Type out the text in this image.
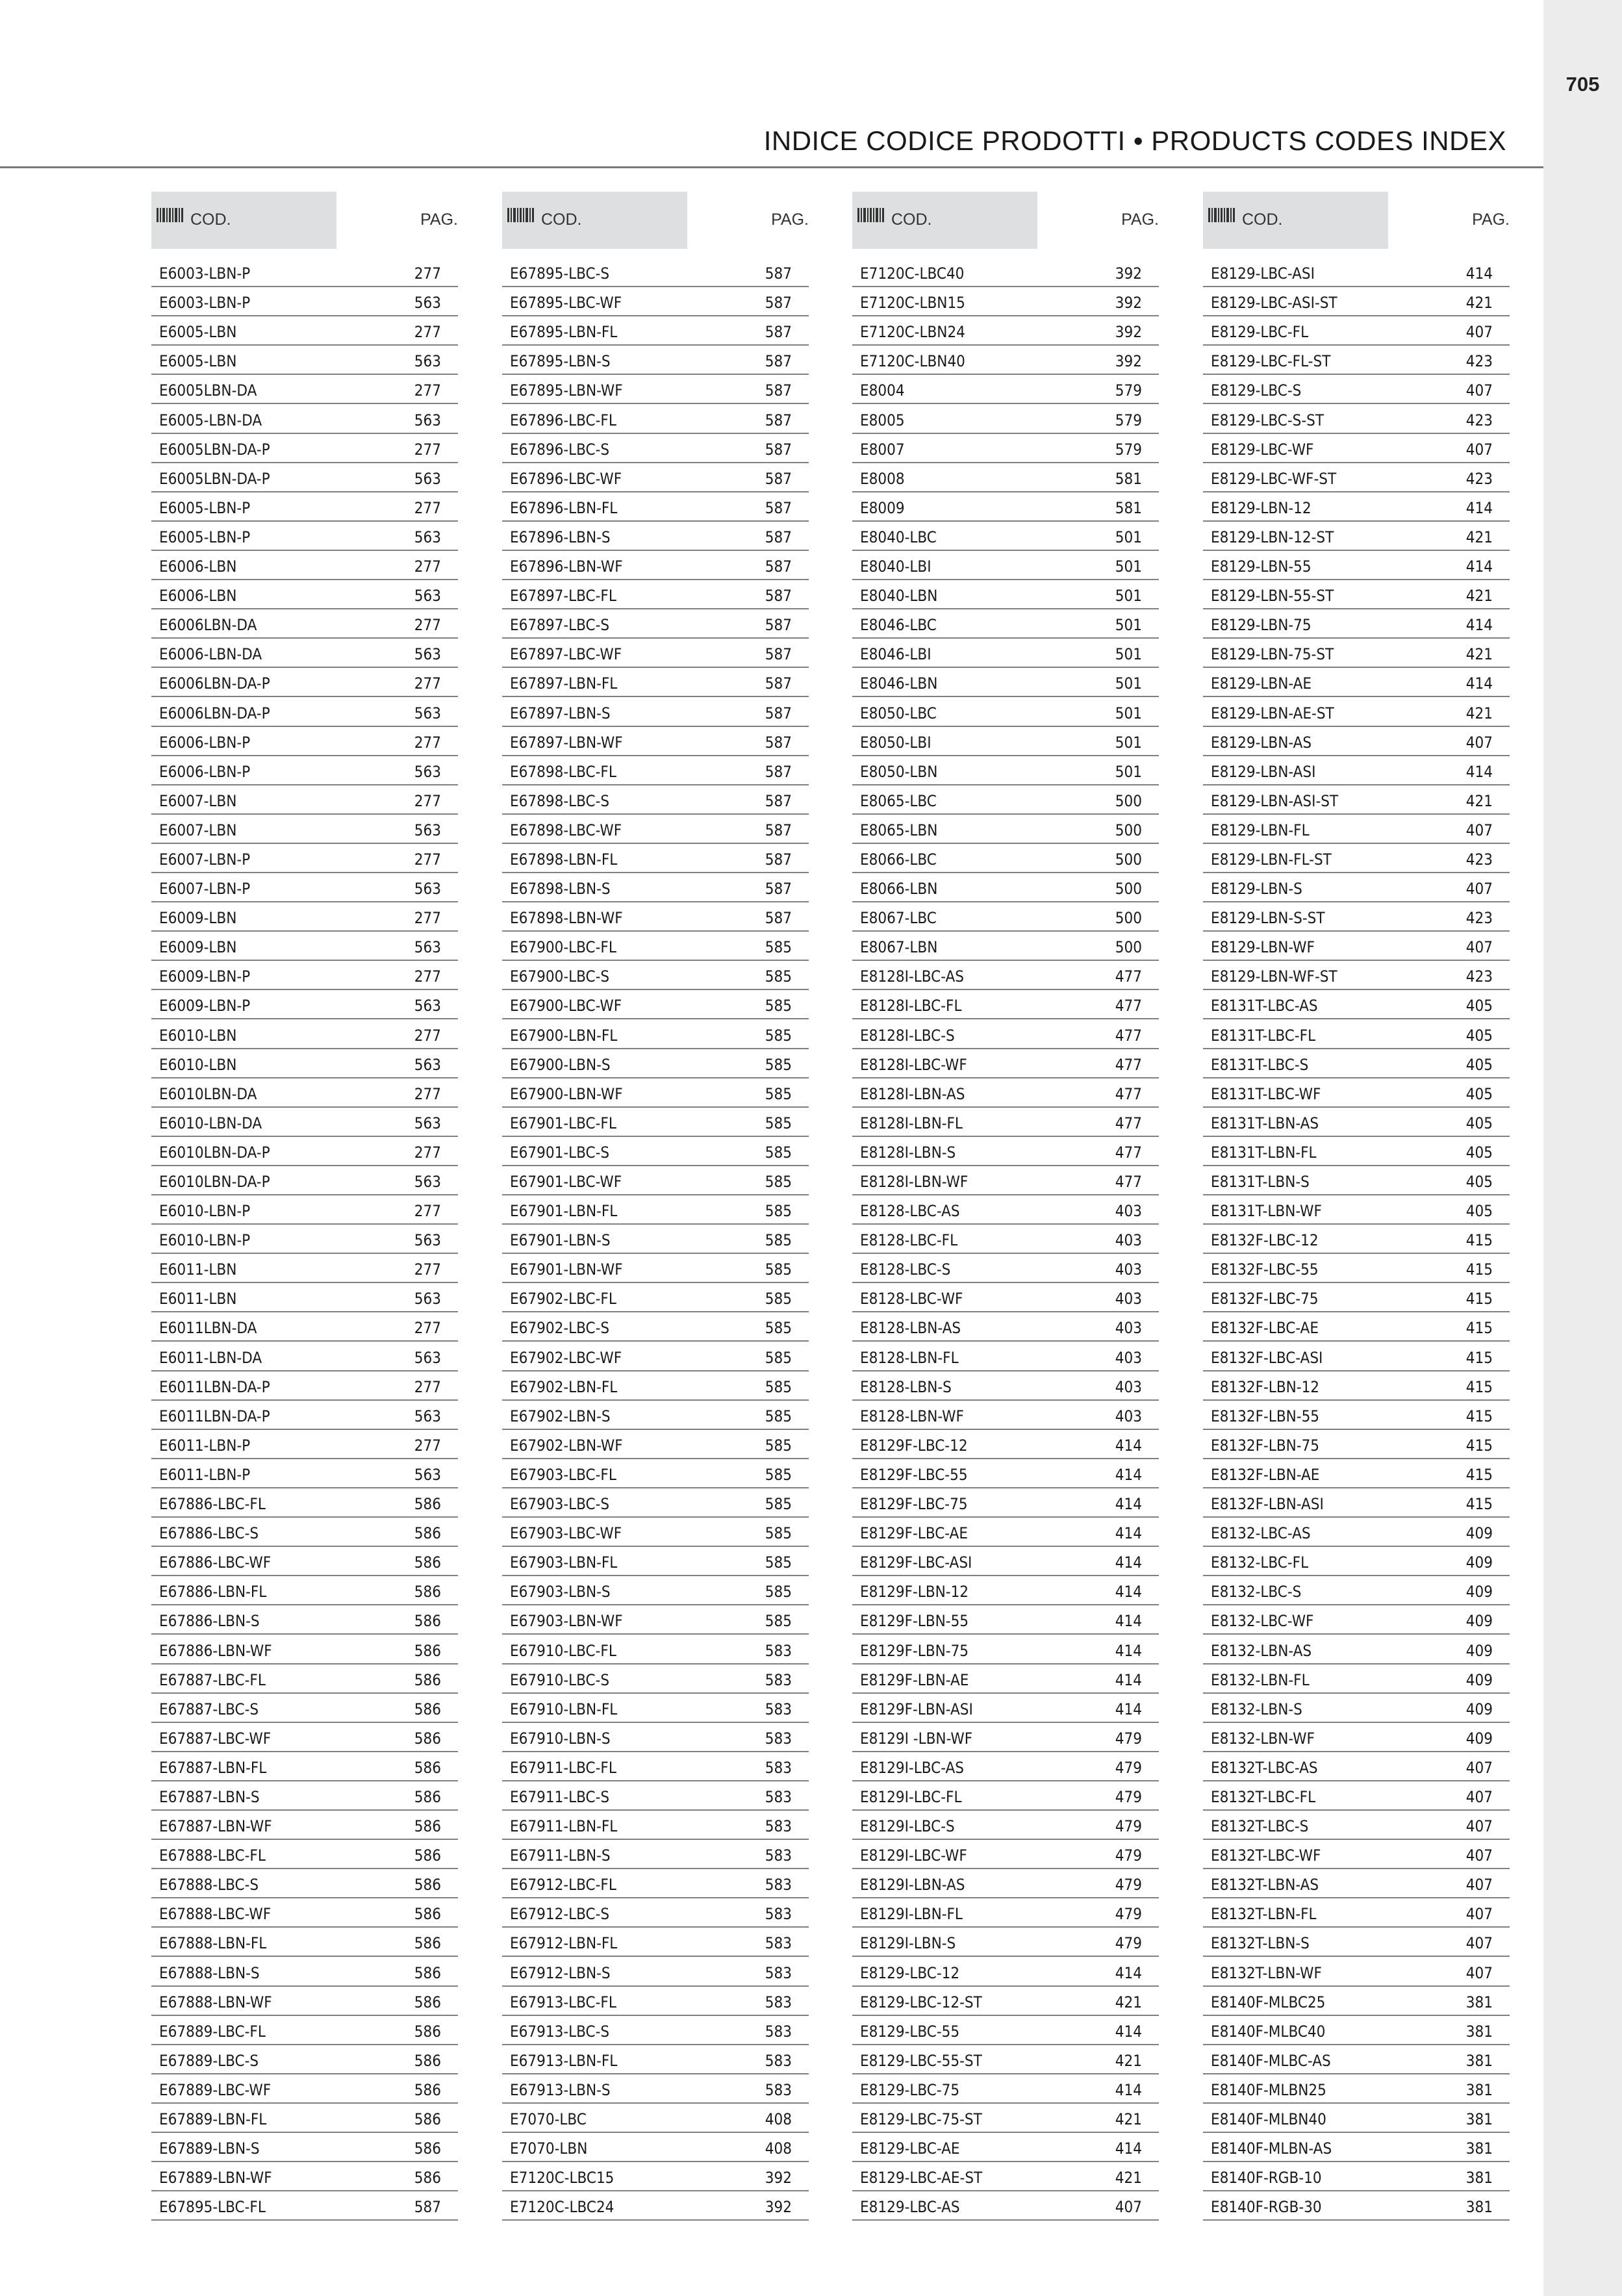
705
INDICE CODICE PRODOTTI • PRODUCTS CODES INDEX
COD.	PAG.
E6003-LBN-P	277
E6003-LBN-P	563
E6005-LBN	277
E6005-LBN	563
E6005LBN-DA	277
E6005-LBN-DA	563
E6005LBN-DA-P	277
E6005LBN-DA-P	563
E6005-LBN-P	277
E6005-LBN-P	563
E6006-LBN	277
E6006-LBN	563
E6006LBN-DA	277
E6006-LBN-DA	563
E6006LBN-DA-P	277
E6006LBN-DA-P	563
E6006-LBN-P	277
E6006-LBN-P	563
E6007-LBN	277
E6007-LBN	563
E6007-LBN-P	277
E6007-LBN-P	563
E6009-LBN	277
E6009-LBN	563
E6009-LBN-P	277
E6009-LBN-P	563
E6010-LBN	277
E6010-LBN	563
E6010LBN-DA	277
E6010-LBN-DA	563
E6010LBN-DA-P	277
E6010LBN-DA-P	563
E6010-LBN-P	277
E6010-LBN-P	563
E6011-LBN	277
E6011-LBN	563
E6011LBN-DA	277
E6011-LBN-DA	563
E6011LBN-DA-P	277
E6011LBN-DA-P	563
E6011-LBN-P	277
E6011-LBN-P	563
E67886-LBC-FL	586
E67886-LBC-S	586
E67886-LBC-WF	586
E67886-LBN-FL	586
E67886-LBN-S	586
E67886-LBN-WF	586
E67887-LBC-FL	586
E67887-LBC-S	586
E67887-LBC-WF	586
E67887-LBN-FL	586
E67887-LBN-S	586
E67887-LBN-WF	586
E67888-LBC-FL	586
E67888-LBC-S	586
E67888-LBC-WF	586
E67888-LBN-FL	586
E67888-LBN-S	586
E67888-LBN-WF	586
E67889-LBC-FL	586
E67889-LBC-S	586
E67889-LBC-WF	586
E67889-LBN-FL	586
E67889-LBN-S	586
E67889-LBN-WF	586
E67895-LBC-FL	587
COD.	PAG.
E67895-LBC-S	587
E67895-LBC-WF	587
E67895-LBN-FL	587
E67895-LBN-S	587
E67895-LBN-WF	587
E67896-LBC-FL	587
E67896-LBC-S	587
E67896-LBC-WF	587
E67896-LBN-FL	587
E67896-LBN-S	587
E67896-LBN-WF	587
E67897-LBC-FL	587
E67897-LBC-S	587
E67897-LBC-WF	587
E67897-LBN-FL	587
E67897-LBN-S	587
E67897-LBN-WF	587
E67898-LBC-FL	587
E67898-LBC-S	587
E67898-LBC-WF	587
E67898-LBN-FL	587
E67898-LBN-S	587
E67898-LBN-WF	587
E67900-LBC-FL	585
E67900-LBC-S	585
E67900-LBC-WF	585
E67900-LBN-FL	585
E67900-LBN-S	585
E67900-LBN-WF	585
E67901-LBC-FL	585
E67901-LBC-S	585
E67901-LBC-WF	585
E67901-LBN-FL	585
E67901-LBN-S	585
E67901-LBN-WF	585
E67902-LBC-FL	585
E67902-LBC-S	585
E67902-LBC-WF	585
E67902-LBN-FL	585
E67902-LBN-S	585
E67902-LBN-WF	585
E67903-LBC-FL	585
E67903-LBC-S	585
E67903-LBC-WF	585
E67903-LBN-FL	585
E67903-LBN-S	585
E67903-LBN-WF	585
E67910-LBC-FL	583
E67910-LBC-S	583
E67910-LBN-FL	583
E67910-LBN-S	583
E67911-LBC-FL	583
E67911-LBC-S	583
E67911-LBN-FL	583
E67911-LBN-S	583
E67912-LBC-FL	583
E67912-LBC-S	583
E67912-LBN-FL	583
E67912-LBN-S	583
E67913-LBC-FL	583
E67913-LBC-S	583
E67913-LBN-FL	583
E67913-LBN-S	583
E7070-LBC	408
E7070-LBN	408
E7120C-LBC15	392
E7120C-LBC24	392
COD.	PAG.
E7120C-LBC40	392
E7120C-LBN15	392
E7120C-LBN24	392
E7120C-LBN40	392
E8004	579
E8005	579
E8007	579
E8008	581
E8009	581
E8040-LBC	501
E8040-LBI	501
E8040-LBN	501
E8046-LBC	501
E8046-LBI	501
E8046-LBN	501
E8050-LBC	501
E8050-LBI	501
E8050-LBN	501
E8065-LBC	500
E8065-LBN	500
E8066-LBC	500
E8066-LBN	500
E8067-LBC	500
E8067-LBN	500
E8128I-LBC-AS	477
E8128I-LBC-FL	477
E8128I-LBC-S	477
E8128I-LBC-WF	477
E8128I-LBN-AS	477
E8128I-LBN-FL	477
E8128I-LBN-S	477
E8128I-LBN-WF	477
E8128-LBC-AS	403
E8128-LBC-FL	403
E8128-LBC-S	403
E8128-LBC-WF	403
E8128-LBN-AS	403
E8128-LBN-FL	403
E8128-LBN-S	403
E8128-LBN-WF	403
E8129F-LBC-12	414
E8129F-LBC-55	414
E8129F-LBC-75	414
E8129F-LBC-AE	414
E8129F-LBC-ASI	414
E8129F-LBN-12	414
E8129F-LBN-55	414
E8129F-LBN-75	414
E8129F-LBN-AE	414
E8129F-LBN-ASI	414
E8129I -LBN-WF	479
E8129I-LBC-AS	479
E8129I-LBC-FL	479
E8129I-LBC-S	479
E8129I-LBC-WF	479
E8129I-LBN-AS	479
E8129I-LBN-FL	479
E8129I-LBN-S	479
E8129-LBC-12	414
E8129-LBC-12-ST	421
E8129-LBC-55	414
E8129-LBC-55-ST	421
E8129-LBC-75	414
E8129-LBC-75-ST	421
E8129-LBC-AE	414
E8129-LBC-AE-ST	421
E8129-LBC-AS	407
COD.	PAG.
E8129-LBC-ASI	414
E8129-LBC-ASI-ST	421
E8129-LBC-FL	407
E8129-LBC-FL-ST	423
E8129-LBC-S	407
E8129-LBC-S-ST	423
E8129-LBC-WF	407
E8129-LBC-WF-ST	423
E8129-LBN-12	414
E8129-LBN-12-ST	421
E8129-LBN-55	414
E8129-LBN-55-ST	421
E8129-LBN-75	414
E8129-LBN-75-ST	421
E8129-LBN-AE	414
E8129-LBN-AE-ST	421
E8129-LBN-AS	407
E8129-LBN-ASI	414
E8129-LBN-ASI-ST	421
E8129-LBN-FL	407
E8129-LBN-FL-ST	423
E8129-LBN-S	407
E8129-LBN-S-ST	423
E8129-LBN-WF	407
E8129-LBN-WF-ST	423
E8131T-LBC-AS	405
E8131T-LBC-FL	405
E8131T-LBC-S	405
E8131T-LBC-WF	405
E8131T-LBN-AS	405
E8131T-LBN-FL	405
E8131T-LBN-S	405
E8131T-LBN-WF	405
E8132F-LBC-12	415
E8132F-LBC-55	415
E8132F-LBC-75	415
E8132F-LBC-AE	415
E8132F-LBC-ASI	415
E8132F-LBN-12	415
E8132F-LBN-55	415
E8132F-LBN-75	415
E8132F-LBN-AE	415
E8132F-LBN-ASI	415
E8132-LBC-AS	409
E8132-LBC-FL	409
E8132-LBC-S	409
E8132-LBC-WF	409
E8132-LBN-AS	409
E8132-LBN-FL	409
E8132-LBN-S	409
E8132-LBN-WF	409
E8132T-LBC-AS	407
E8132T-LBC-FL	407
E8132T-LBC-S	407
E8132T-LBC-WF	407
E8132T-LBN-AS	407
E8132T-LBN-FL	407
E8132T-LBN-S	407
E8132T-LBN-WF	407
E8140F-MLBC25	381
E8140F-MLBC40	381
E8140F-MLBC-AS	381
E8140F-MLBN25	381
E8140F-MLBN40	381
E8140F-MLBN-AS	381
E8140F-RGB-10	381
E8140F-RGB-30	381
